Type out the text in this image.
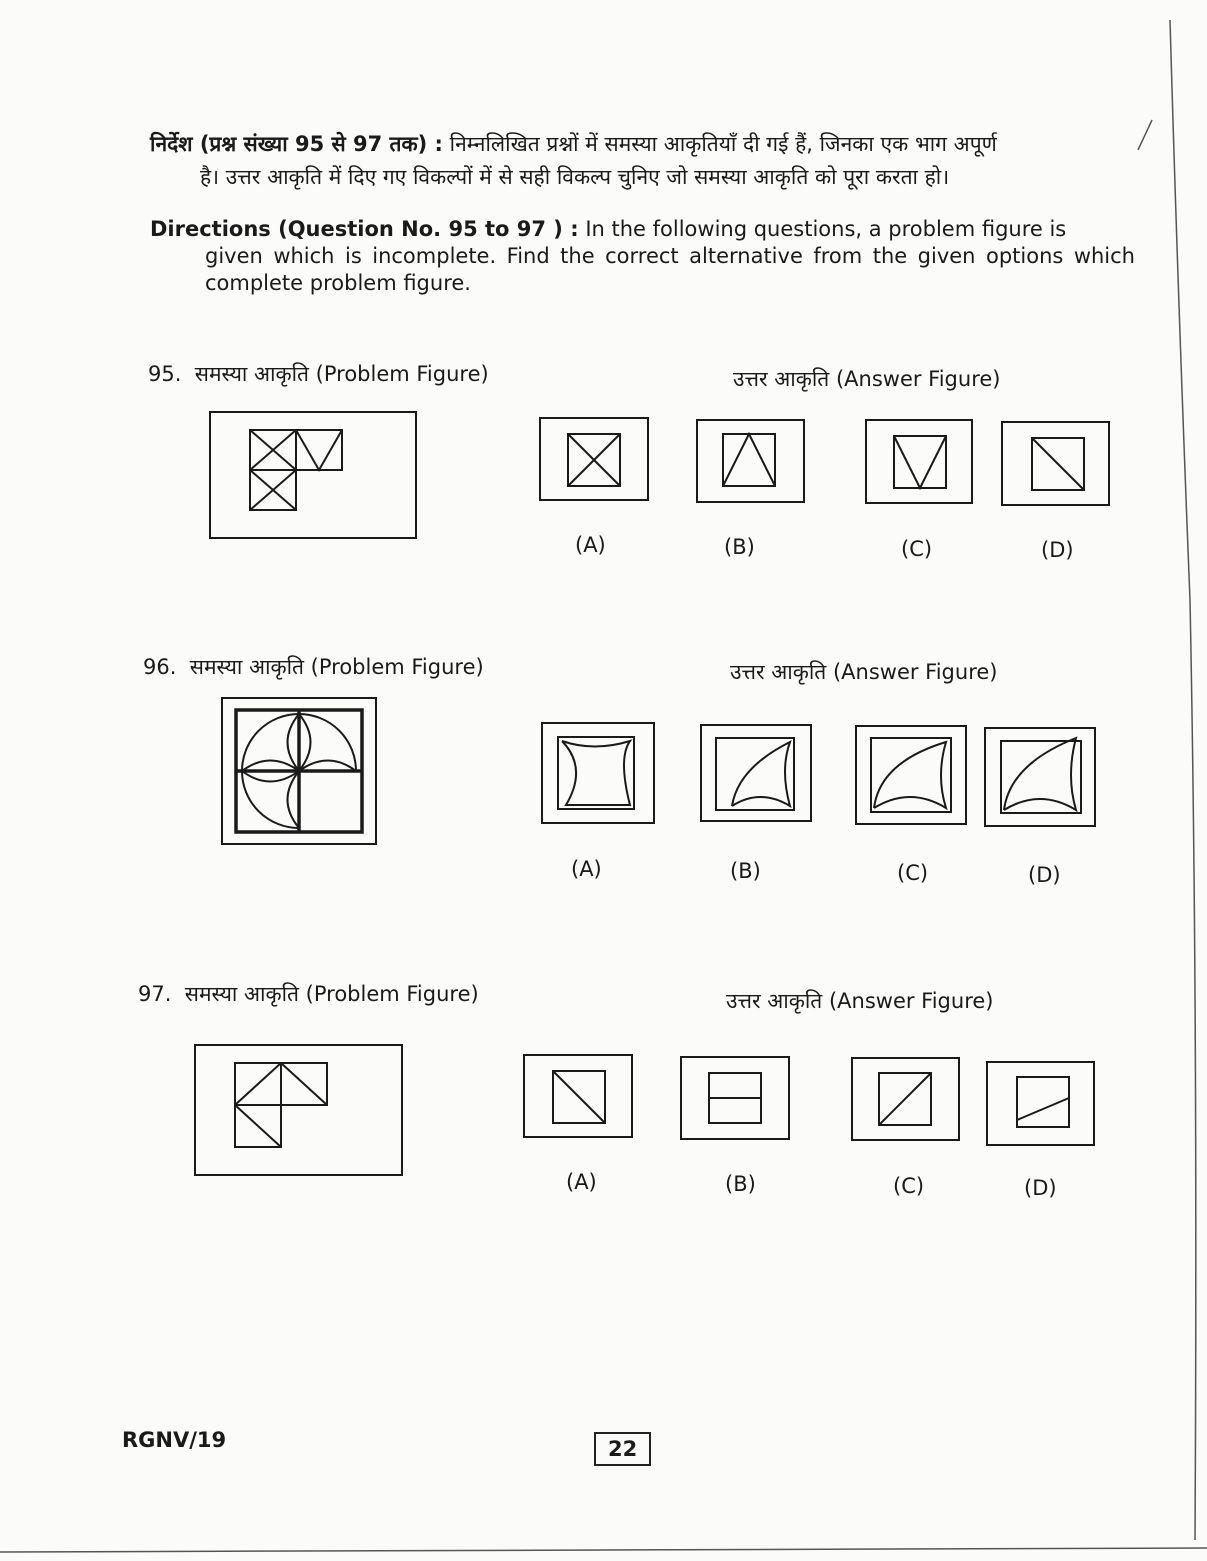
निर्देश (प्रश्न संख्या 95 से 97 तक) : निम्नलिखित प्रश्नों में समस्या आकृतियाँ दी गई हैं, जिनका एक भाग अपूर्ण
है। उत्तर आकृति में दिए गए विकल्पों में से सही विकल्प चुनिए जो समस्या आकृति को पूरा करता हो।
Directions (Question No. 95 to 97 ) : In the following questions, a problem figure is
given which is incomplete. Find the correct alternative from the given options which complete problem figure.
95. समस्या आकृति (Problem Figure)	उत्तर आकृति (Answer Figure)
(A)	(B)	(C)	(D)
96. समस्या आकृति (Problem Figure)	उत्तर आकृति (Answer Figure)
(A)	(B)	(C)	(D)
97. समस्या आकृति (Problem Figure)	उत्तर आकृति (Answer Figure)
(A)	(B)	(C)	(D)
RGNV/19	22
